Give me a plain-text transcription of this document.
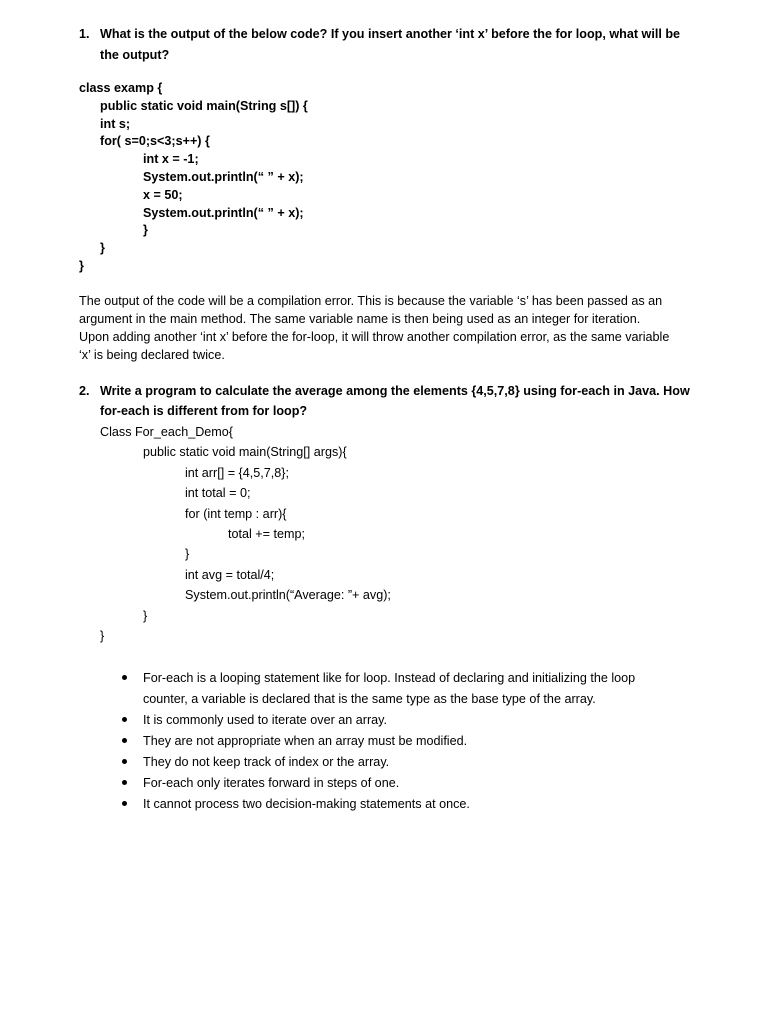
1. What is the output of the below code? If you insert another ‘int x’ before the for loop, what will be
the output?
class examp {
public static void main(String s[]) {
int s;
for( s=0;s<3;s++) {
int x = -1;
System.out.println(“ ” + x);
x = 50;
System.out.println(“ ” + x);
}
}
}
The output of the code will be a compilation error. This is because the variable ‘s’ has been passed as an
argument in the main method. The same variable name is then being used as an integer for iteration.
Upon adding another ‘int x’ before the for-loop, it will throw another compilation error, as the same variable
‘x’ is being declared twice.
2. Write a program to calculate the average among the elements {4,5,7,8} using for-each in Java. How
for-each is different from for loop?
Class For_each_Demo{
public static void main(String[] args){
int arr[] = {4,5,7,8};
int total = 0;
for (int temp : arr){
total += temp;
}
int avg = total/4;
System.out.println(“Average: ”+ avg);
}
}
For-each is a looping statement like for loop. Instead of declaring and initializing the loop
counter, a variable is declared that is the same type as the base type of the array.
It is commonly used to iterate over an array.
They are not appropriate when an array must be modified.
They do not keep track of index or the array.
For-each only iterates forward in steps of one.
It cannot process two decision-making statements at once.
